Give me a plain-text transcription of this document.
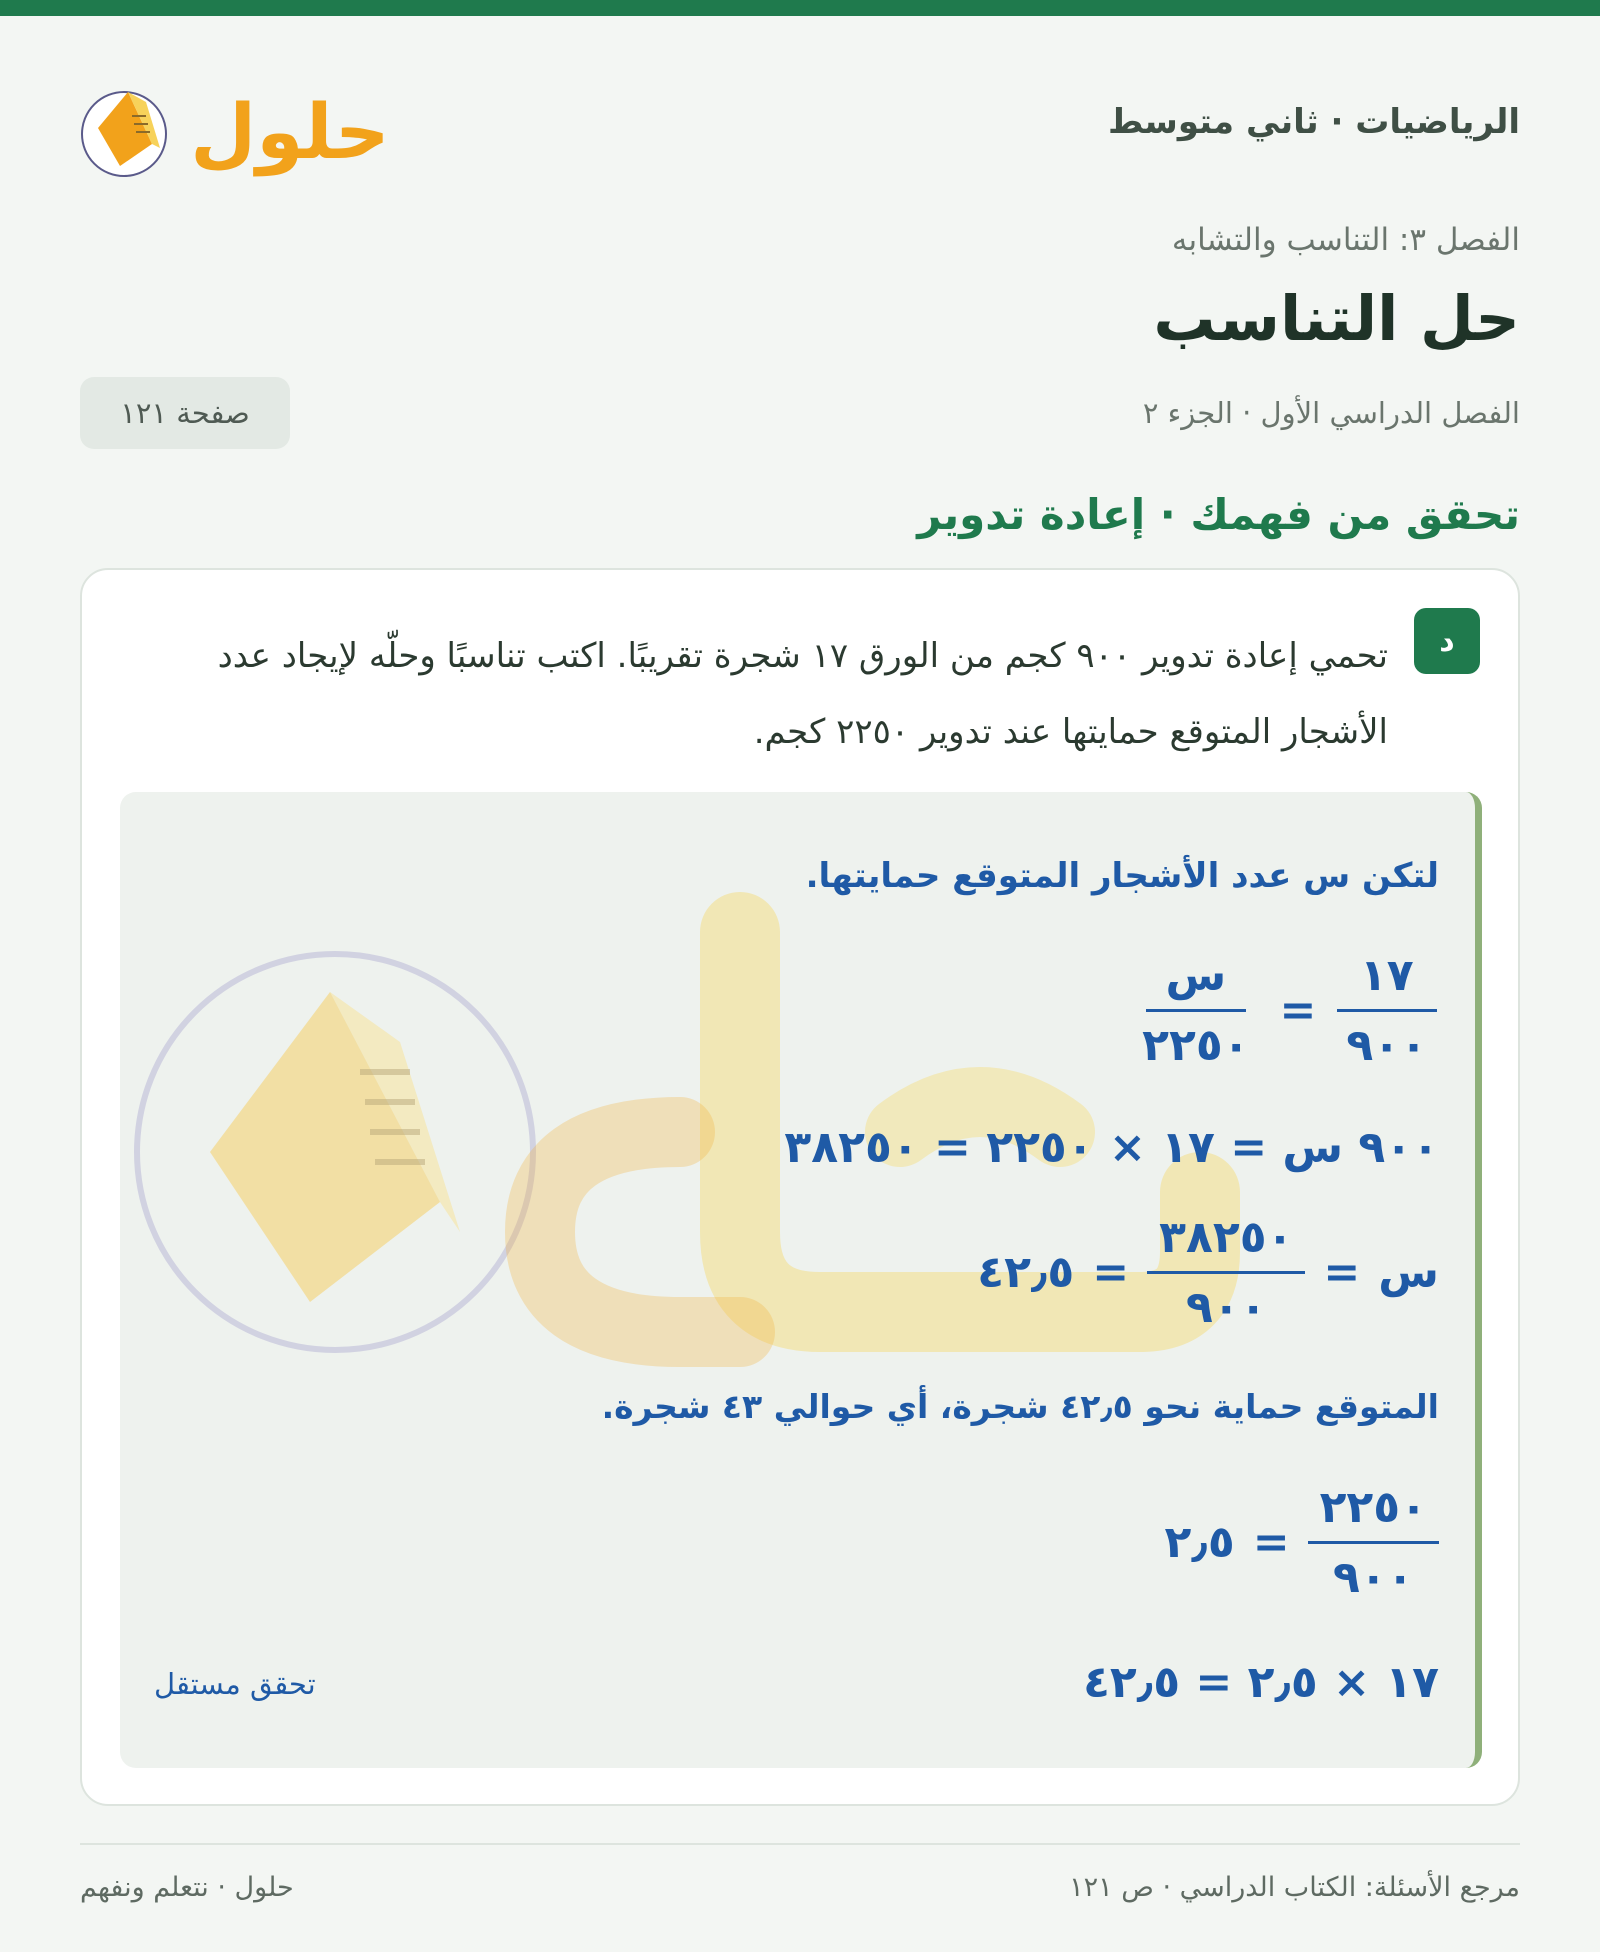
الرياضيات · ثاني متوسط
حلول
الفصل ٣: التناسب والتشابه
حل التناسب
الفصل الدراسي الأول · الجزء ٢
صفحة ١٢١
تحقق من فهمك · إعادة تدوير
د
تحمي إعادة تدوير ٩٠٠ كجم من الورق ١٧ شجرة تقريبًا. اكتب تناسبًا وحلّه لإيجاد عدد الأشجار المتوقع حمايتها عند تدوير ٢٢٥٠ كجم.
لتكن س عدد الأشجار المتوقع حمايتها.
$\frac{١٧}{٩٠٠}$
=
$\frac{\text{س}}{٢٢٥٠}$
٩٠٠ س = ١٧ × ٢٢٥٠ = ٣٨٢٥٠
س
=
$\frac{٣٨٢٥٠}{٩٠٠}$
=
٤٢٫٥
المتوقع حماية نحو ٤٢٫٥ شجرة، أي حوالي ٤٣ شجرة.
$\frac{٢٢٥٠}{٩٠٠}$
=
٢٫٥
١٧ × ٢٫٥ = ٤٢٫٥
تحقق مستقل
مرجع الأسئلة: الكتاب الدراسي · ص ١٢١
حلول · نتعلم ونفهم
